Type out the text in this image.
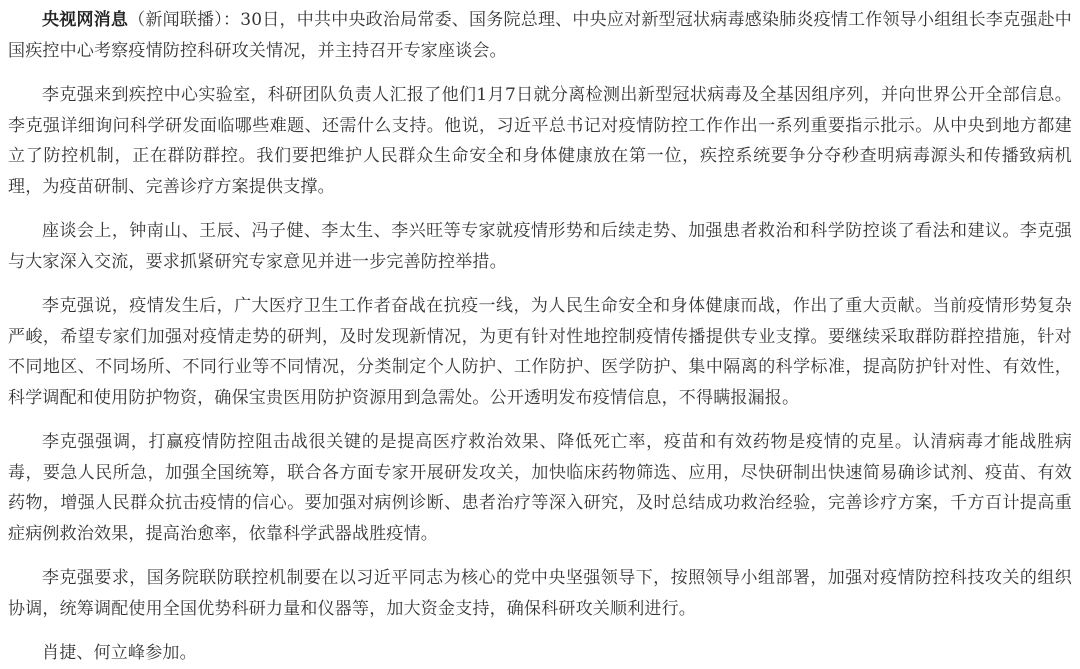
央视网消息（新闻联播）：30日，中共中央政治局常委、国务院总理、中央应对新型冠状病毒感染肺炎疫情工作领导小组组长李克强赴中国疾控中心考察疫情防控科研攻关情况，并主持召开专家座谈会。

李克强来到疾控中心实验室，科研团队负责人汇报了他们1月7日就分离检测出新型冠状病毒及全基因组序列，并向世界公开全部信息。李克强详细询问科学研发面临哪些难题、还需什么支持。他说，习近平总书记对疫情防控工作作出一系列重要指示批示。从中央到地方都建立了防控机制，正在群防群控。我们要把维护人民群众生命安全和身体健康放在第一位，疾控系统要争分夺秒查明病毒源头和传播致病机理，为疫苗研制、完善诊疗方案提供支撑。

座谈会上，钟南山、王辰、冯子健、李太生、李兴旺等专家就疫情形势和后续走势、加强患者救治和科学防控谈了看法和建议。李克强与大家深入交流，要求抓紧研究专家意见并进一步完善防控举措。

李克强说，疫情发生后，广大医疗卫生工作者奋战在抗疫一线，为人民生命安全和身体健康而战，作出了重大贡献。当前疫情形势复杂严峻，希望专家们加强对疫情走势的研判，及时发现新情况，为更有针对性地控制疫情传播提供专业支撑。要继续采取群防群控措施，针对不同地区、不同场所、不同行业等不同情况，分类制定个人防护、工作防护、医学防护、集中隔离的科学标准，提高防护针对性、有效性，科学调配和使用防护物资，确保宝贵医用防护资源用到急需处。公开透明发布疫情信息，不得瞒报漏报。

李克强强调，打赢疫情防控阻击战很关键的是提高医疗救治效果、降低死亡率，疫苗和有效药物是疫情的克星。认清病毒才能战胜病毒，要急人民所急，加强全国统筹，联合各方面专家开展研发攻关，加快临床药物筛选、应用，尽快研制出快速简易确诊试剂、疫苗、有效药物，增强人民群众抗击疫情的信心。要加强对病例诊断、患者治疗等深入研究，及时总结成功救治经验，完善诊疗方案，千方百计提高重症病例救治效果，提高治愈率，依靠科学武器战胜疫情。

李克强要求，国务院联防联控机制要在以习近平同志为核心的党中央坚强领导下，按照领导小组部署，加强对疫情防控科技攻关的组织协调，统筹调配使用全国优势科研力量和仪器等，加大资金支持，确保科研攻关顺利进行。

肖捷、何立峰参加。
